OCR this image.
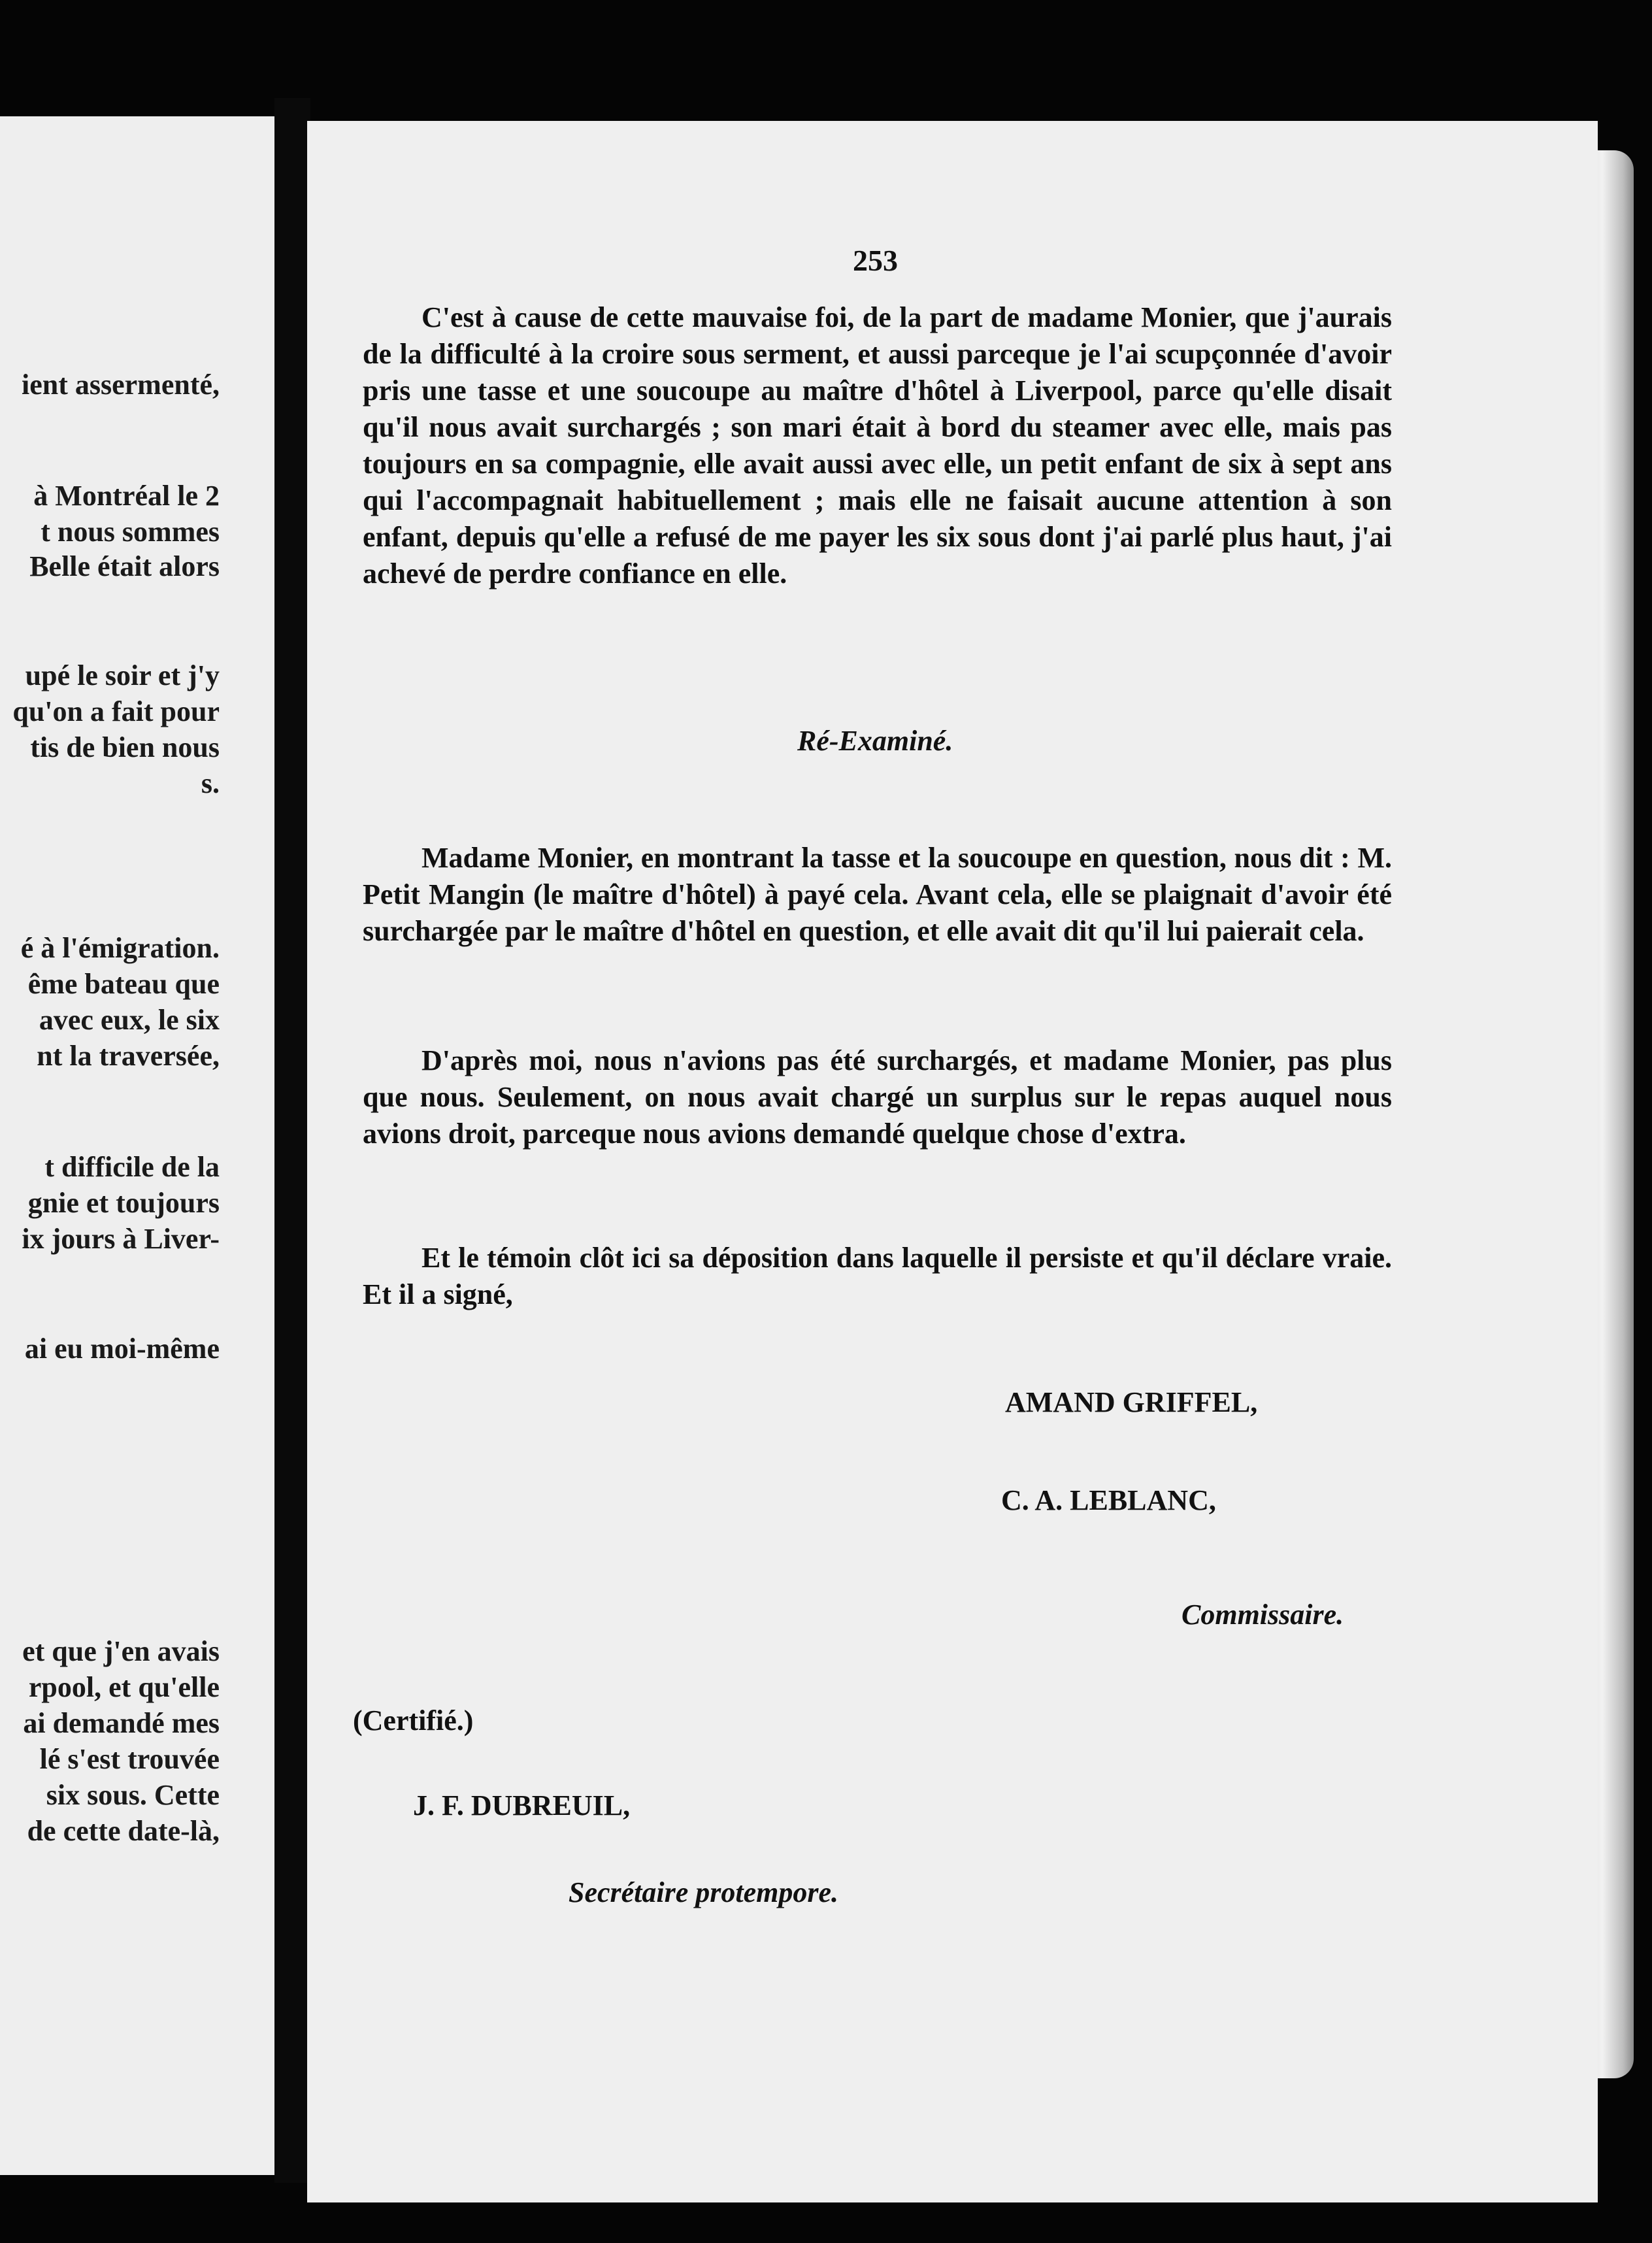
ient assermenté,
à Montréal le 2
t nous sommes
Belle était alors
upé le soir et j'y
qu'on a fait pour
tis de bien nous
s.
é à l'émigration.
ême bateau que
avec eux, le six
nt la traversée,
t difficile de la
gnie et toujours
ix jours à Liver-
ai eu moi-même
et que j'en avais
rpool, et qu'elle
ai demandé mes
lé s'est trouvée
six sous. Cette
de cette date-là,
253

C'est à cause de cette mauvaise foi, de la part de madame Monier, que j'aurais de la difficulté à la croire sous serment, et aussi parceque je l'ai scupçonnée d'avoir pris une tasse et une soucoupe au maître d'hôtel à Liverpool, parce qu'elle disait qu'il nous avait surchargés ; son mari était à bord du steamer avec elle, mais pas toujours en sa compagnie, elle avait aussi avec elle, un petit enfant de six à sept ans qui l'accompagnait habituellement ; mais elle ne faisait aucune attention à son enfant, depuis qu'elle a refusé de me payer les six sous dont j'ai parlé plus haut, j'ai achevé de perdre confiance en elle.

Ré-Examiné.

Madame Monier, en montrant la tasse et la soucoupe en question, nous dit : M. Petit Mangin (le maître d'hôtel) à payé cela. Avant cela, elle se plaignait d'avoir été surchargée par le maître d'hôtel en question, et elle avait dit qu'il lui paierait cela.

D'après moi, nous n'avions pas été surchargés, et madame Monier, pas plus que nous. Seulement, on nous avait chargé un surplus sur le repas auquel nous avions droit, parceque nous avions demandé quelque chose d'extra.

Et le témoin clôt ici sa déposition dans laquelle il persiste et qu'il déclare vraie. Et il a signé,

AMAND GRIFFEL,
C. A. LEBLANC,
Commissaire.
(Certifié.)
J. F. DUBREUIL,
Secrétaire protempore.
